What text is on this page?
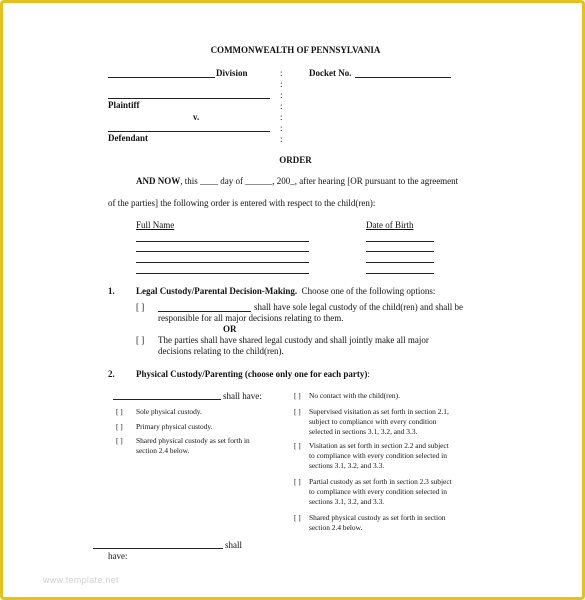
COMMONWEALTH OF PENNSYLVANIA
Division	Docket No.
:
:
:
:
:
:
:
Plaintiff
v.
Defendant
ORDER
AND NOW, this ____ day of ______, 200_, after hearing [OR pursuant to the agreement
of the parties] the following order is entered with respect to the child(ren):
Full Name	Date of Birth
1. Legal Custody/Parental Decision-Making. Choose one of the following options:
[ ]	shall have sole legal custody of the child(ren) and shall be
responsible for all major decisions relating to them.
OR
[ ] The parties shall have shared legal custody and shall jointly make all major
decisions relating to the child(ren).
2. Physical Custody/Parenting (choose only one for each party):
shall have:
[ ] Sole physical custody.
[ ] Primary physical custody.
[ ] Shared physical custody as set forth in
section 2.4 below.
[ ] No contact with the child(ren).
[ ] Supervised visitation as set forth in section 2.1,
subject to compliance with every condition
selected in sections 3.1, 3.2, and 3.3.
[ ] Visitation as set forth in section 2.2 and subject
to compliance with every condition selected in
sections 3.1, 3.2, and 3.3.
[ ] Partial custody as set forth in section 2.3 subject
to compliance with every condition selected in
sections 3.1, 3.2, and 3.3.
[ ] Shared physical custody as set forth in section
section 2.4 below.
shall
have:
www.template.net
